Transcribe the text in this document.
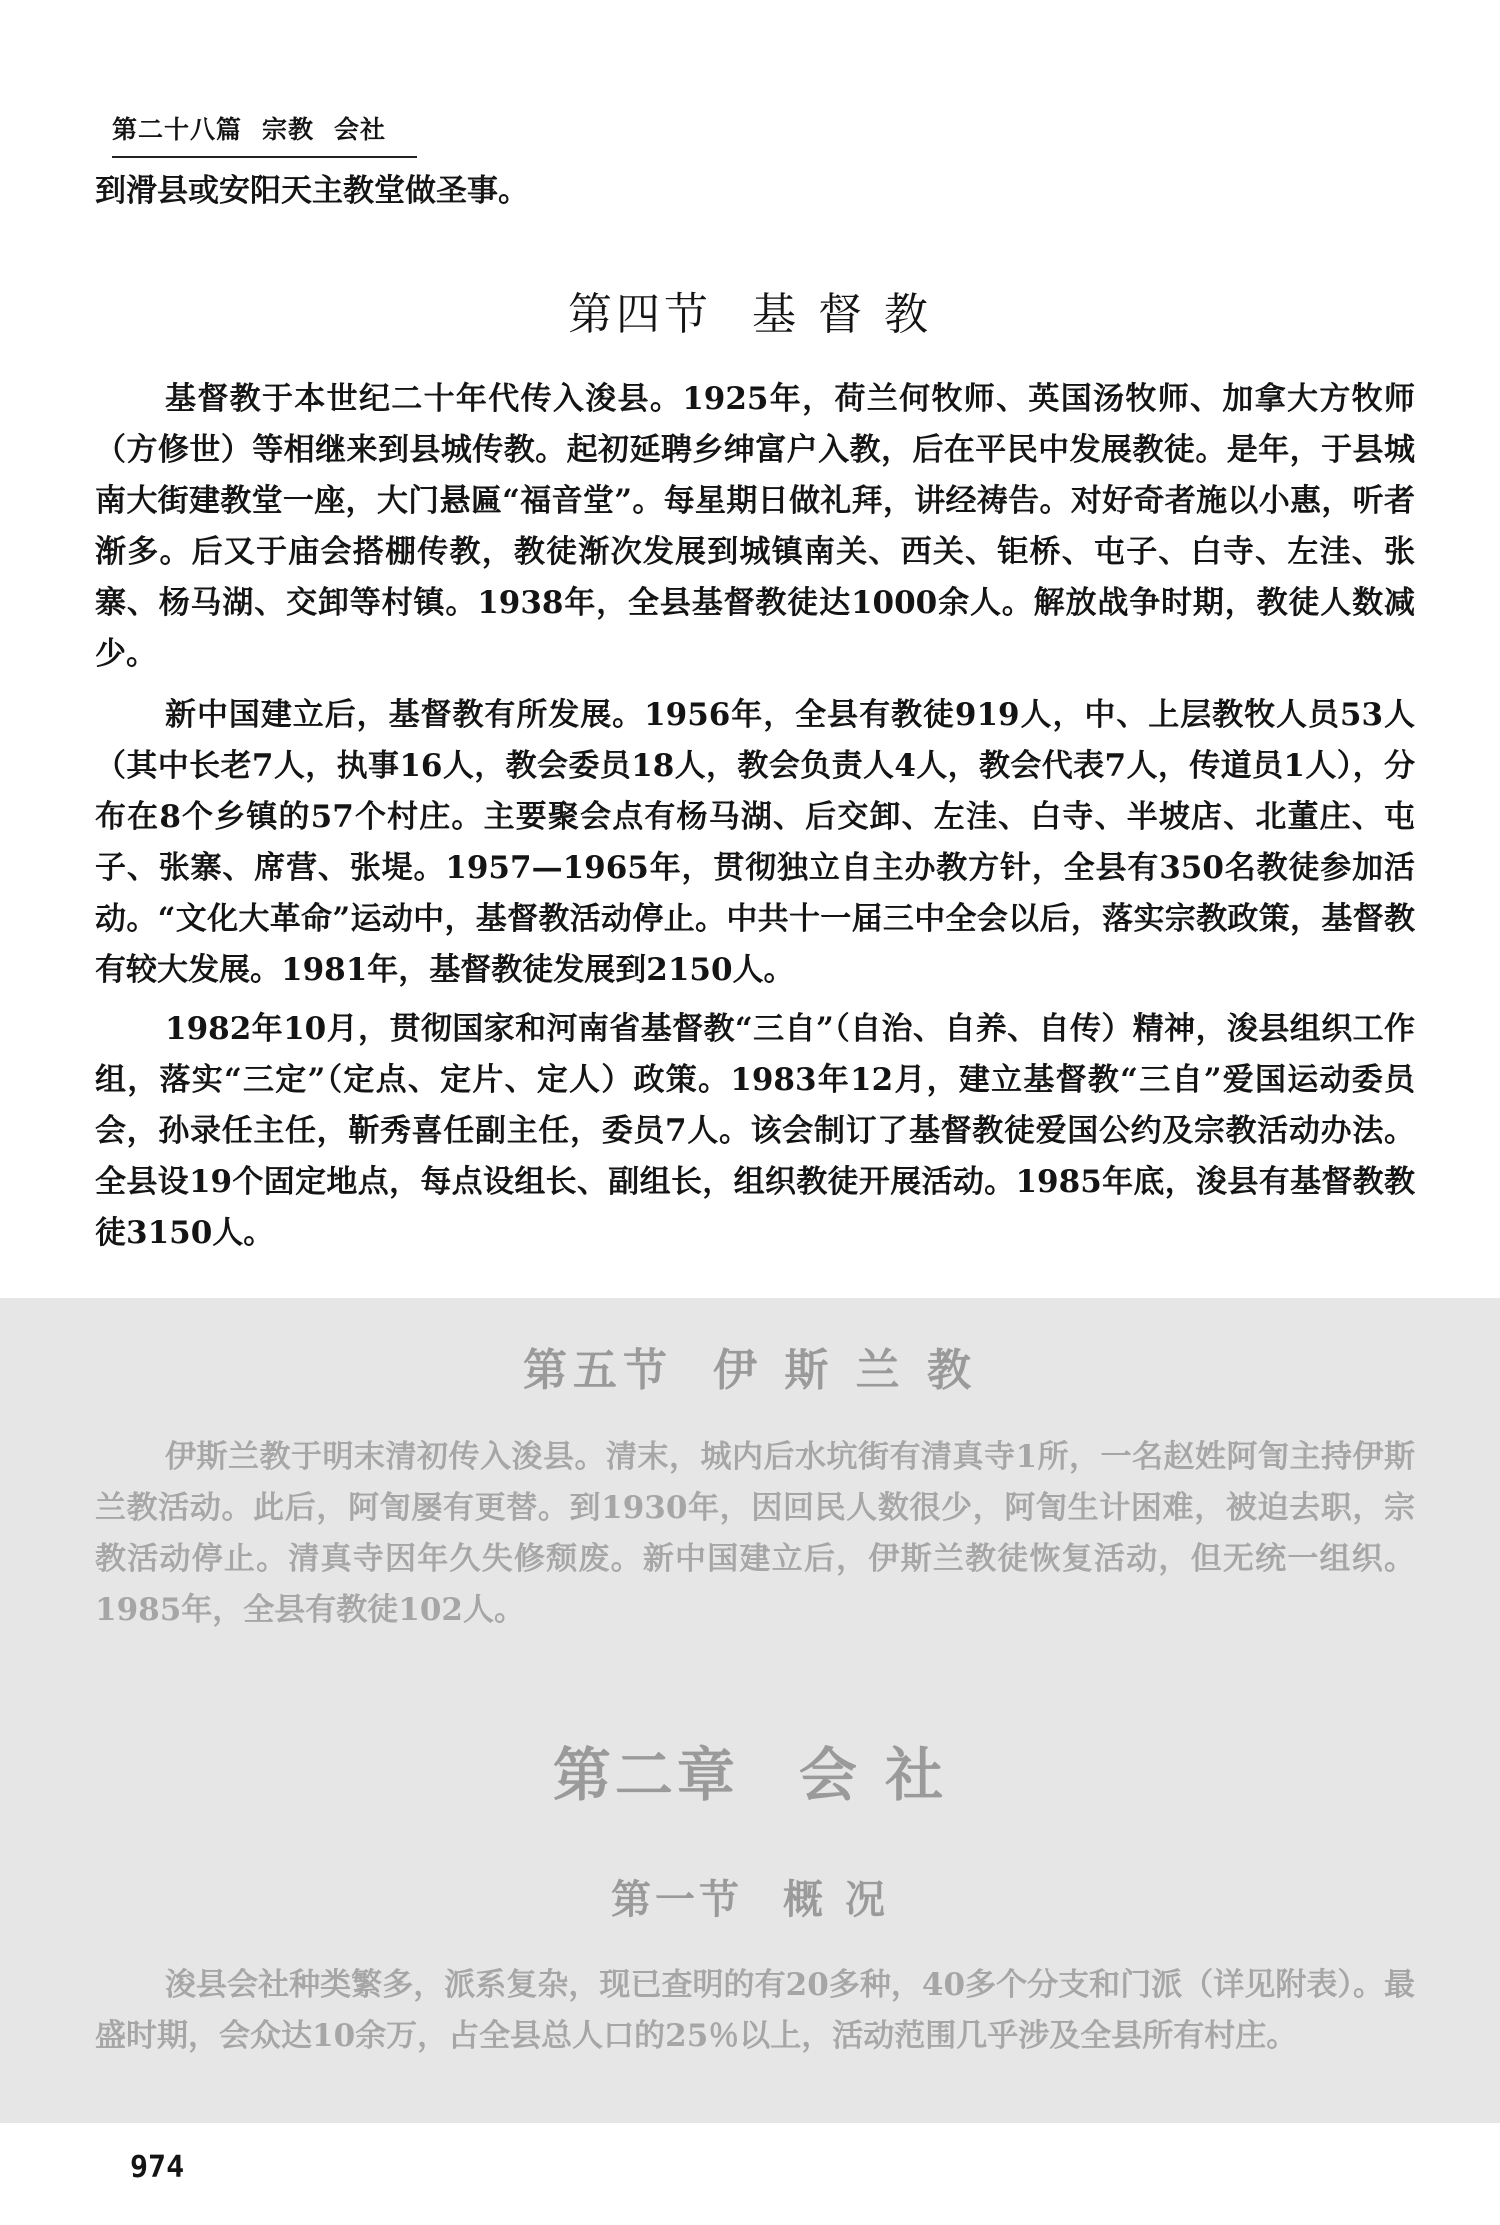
第二十八篇 宗教 会社

到滑县或安阳天主教堂做圣事。

第四节 基 督 教

基督教于本世纪二十年代传入浚县。1925年，荷兰何牧师、英国汤牧师、加拿大方牧师（方修世）等相继来到县城传教。起初延聘乡绅富户入教，后在平民中发展教徒。是年，于县城南大街建教堂一座，大门悬匾“福音堂”。每星期日做礼拜，讲经祷告。对好奇者施以小惠，听者渐多。后又于庙会搭棚传教，教徒渐次发展到城镇南关、西关、钜桥、屯子、白寺、左洼、张寨、杨马湖、交卸等村镇。1938年，全县基督教徒达1000余人。解放战争时期，教徒人数减少。

新中国建立后，基督教有所发展。1956年，全县有教徒919人，中、上层教牧人员53人（其中长老7人，执事16人，教会委员18人，教会负责人4人，教会代表7人，传道员1人），分布在8个乡镇的57个村庄。主要聚会点有杨马湖、后交卸、左洼、白寺、半坡店、北董庄、屯子、张寨、席营、张堤。1957—1965年，贯彻独立自主办教方针，全县有350名教徒参加活动。“文化大革命”运动中，基督教活动停止。中共十一届三中全会以后，落实宗教政策，基督教有较大发展。1981年，基督教徒发展到2150人。

1982年10月，贯彻国家和河南省基督教“三自”（自治、自养、自传）精神，浚县组织工作组，落实“三定”（定点、定片、定人）政策。1983年12月，建立基督教“三自”爱国运动委员会，孙录任主任，靳秀喜任副主任，委员7人。该会制订了基督教徒爱国公约及宗教活动办法。全县设19个固定地点，每点设组长、副组长，组织教徒开展活动。1985年底，浚县有基督教教徒3150人。

第五节 伊 斯 兰 教

伊斯兰教于明末清初传入浚县。清末，城内后水坑街有清真寺1所，一名赵姓阿訇主持伊斯兰教活动。此后，阿訇屡有更替。到1930年，因回民人数很少，阿訇生计困难，被迫去职，宗教活动停止。清真寺因年久失修颓废。新中国建立后，伊斯兰教徒恢复活动，但无统一组织。1985年，全县有教徒102人。

第二章 会 社
第一节 概 况

浚县会社种类繁多，派系复杂，现已查明的有20多种，40多个分支和门派（详见附表）。最盛时期，会众达10余万，占全县总人口的25％以上，活动范围几乎涉及全县所有村庄。

974
